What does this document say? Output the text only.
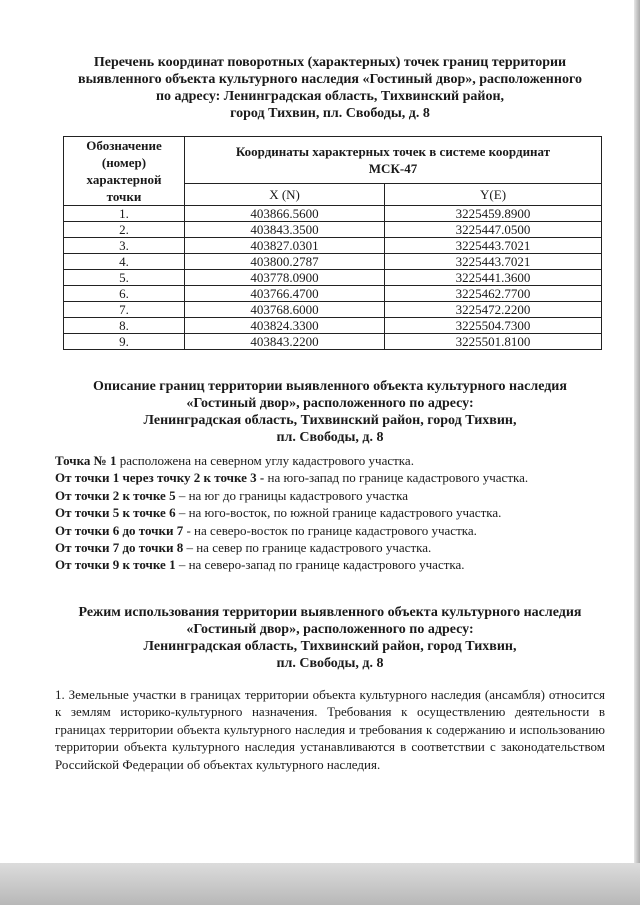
Перечень координат поворотных (характерных) точек границ территории
выявленного объекта культурного наследия «Гостиный двор», расположенного
по адресу: Ленинградская область, Тихвинский район,
город Тихвин, пл. Свободы, д. 8
Обозначение
(номер)
характерной
точки	Координаты характерных точек в системе координат
МСК-47	
	X (N)	Y(E)
1.	403866.5600	3225459.8900
2.	403843.3500	3225447.0500
3.	403827.0301	3225443.7021
4.	403800.2787	3225443.7021
5.	403778.0900	3225441.3600
6.	403766.4700	3225462.7700
7.	403768.6000	3225472.2200
8.	403824.3300	3225504.7300
9.	403843.2200	3225501.8100
Описание границ территории выявленного объекта культурного наследия
«Гостиный двор», расположенного по адресу:
Ленинградская область, Тихвинский район, город Тихвин,
пл. Свободы, д. 8

Точка № 1 расположена на северном углу кадастрового участка.

От точки 1 через точку 2 к точке 3 - на юго-запад по границе кадастрового участка.

От точки 2 к точке 5 – на юг до границы кадастрового участка

От точки 5 к точке 6 – на юго-восток, по южной границе кадастрового участка.

От точки 6 до точки 7 - на северо-восток по границе кадастрового участка.

От точки 7 до точки 8 – на север по границе кадастрового участка.

От точки 9 к точке 1 – на северо-запад по границе кадастрового участка.

Режим использования территории выявленного объекта культурного наследия
«Гостиный двор», расположенного по адресу:
Ленинградская область, Тихвинский район, город Тихвин,
пл. Свободы, д. 8
1. Земельные участки в границах территории объекта культурного наследия (ансамбля) относится к землям историко-культурного назначения. Требования к осуществлению деятельности в границах территории объекта культурного наследия и требования к содержанию и использованию территории объекта культурного наследия устанавливаются в соответствии с законодательством Российской Федерации об объектах культурного наследия.
